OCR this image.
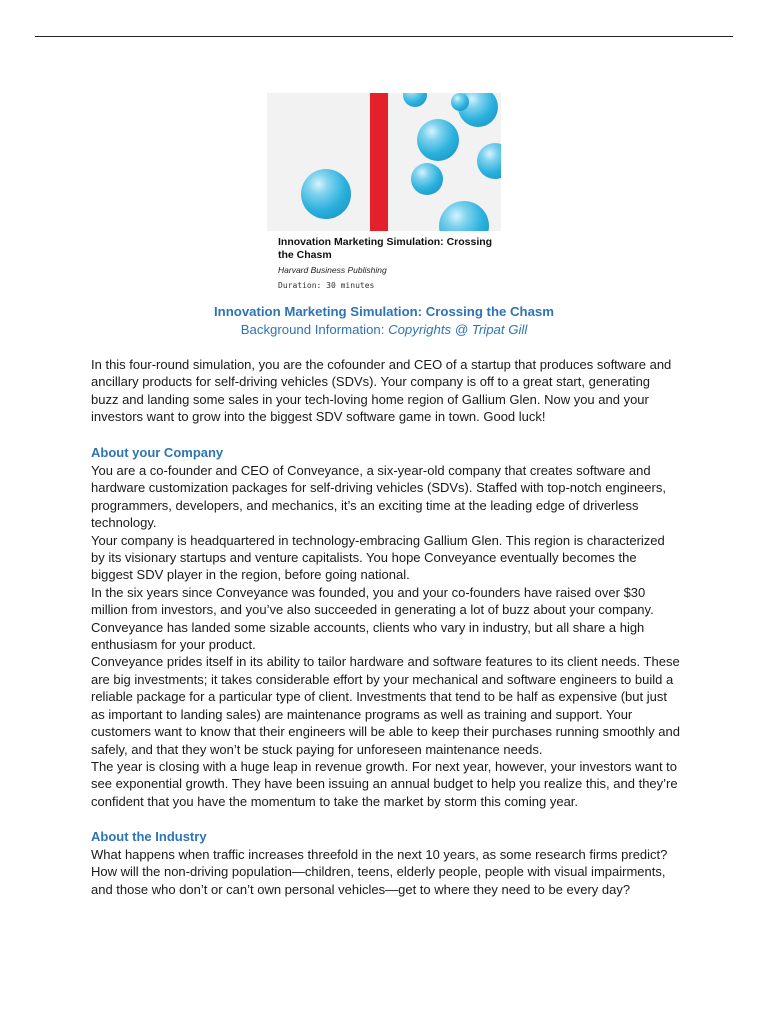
Innovation Marketing Simulation: Crossing the Chasm
Harvard Business Publishing
Duration: 30 minutes
Innovation Marketing Simulation: Crossing the Chasm
Background Information: Copyrights @ Tripat Gill

In this four-round simulation, you are the cofounder and CEO of a startup that produces software and ancillary products for self-driving vehicles (SDVs). Your company is off to a great start, generating buzz and landing some sales in your tech-loving home region of Gallium Glen. Now you and your investors want to grow into the biggest SDV software game in town. Good luck!

About your Company

You are a co-founder and CEO of Conveyance, a six-year-old company that creates software and hardware customization packages for self-driving vehicles (SDVs). Staffed with top-notch engineers, programmers, developers, and mechanics, it’s an exciting time at the leading edge of driverless technology.

Your company is headquartered in technology-embracing Gallium Glen. This region is characterized by its visionary startups and venture capitalists. You hope Conveyance eventually becomes the biggest SDV player in the region, before going national.

In the six years since Conveyance was founded, you and your co-founders have raised over $30 million from investors, and you’ve also succeeded in generating a lot of buzz about your company. Conveyance has landed some sizable accounts, clients who vary in industry, but all share a high enthusiasm for your product.

Conveyance prides itself in its ability to tailor hardware and software features to its client needs. These are big investments; it takes considerable effort by your mechanical and software engineers to build a reliable package for a particular type of client. Investments that tend to be half as expensive (but just as important to landing sales) are maintenance programs as well as training and support. Your customers want to know that their engineers will be able to keep their purchases running smoothly and safely, and that they won’t be stuck paying for unforeseen maintenance needs.

The year is closing with a huge leap in revenue growth. For next year, however, your investors want to see exponential growth. They have been issuing an annual budget to help you realize this, and they’re confident that you have the momentum to take the market by storm this coming year.

About the Industry

What happens when traffic increases threefold in the next 10 years, as some research firms predict? How will the non-driving population—children, teens, elderly people, people with visual impairments, and those who don’t or can’t own personal vehicles—get to where they need to be every day?
